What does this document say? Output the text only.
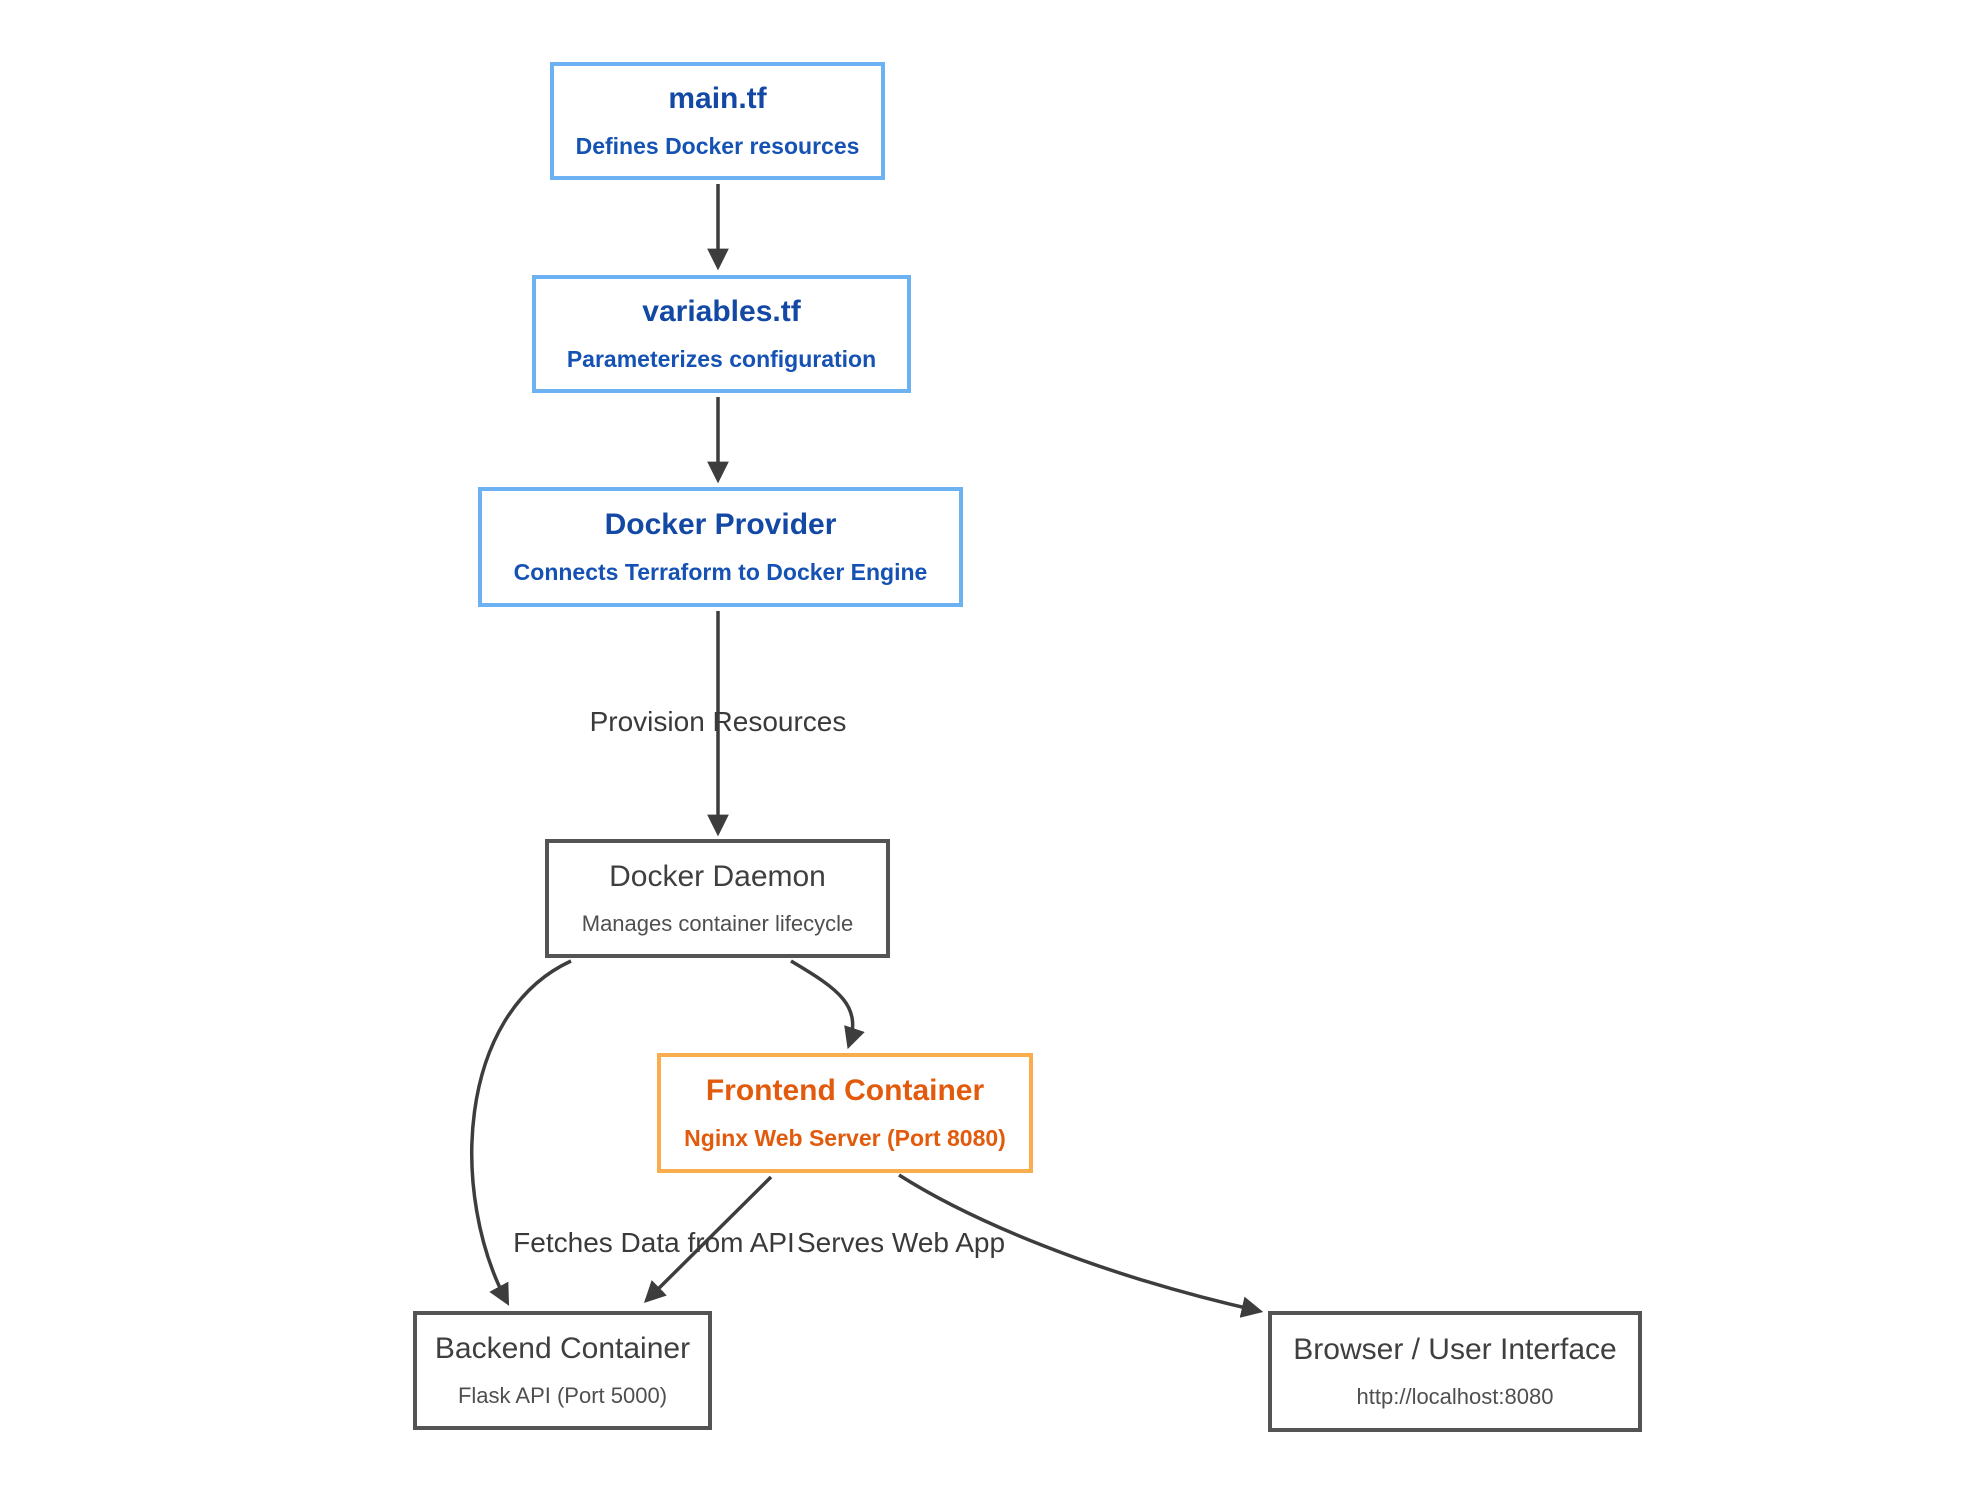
main.tf
Defines Docker resources
variables.tf
Parameterizes configuration
Docker Provider
Connects Terraform to Docker Engine
Docker Daemon
Manages container lifecycle
Frontend Container
Nginx Web Server (Port 8080)
Backend Container
Flask API (Port 5000)
Browser / User Interface
http://localhost:8080
Provision Resources
Fetches Data from API Serves Web App
